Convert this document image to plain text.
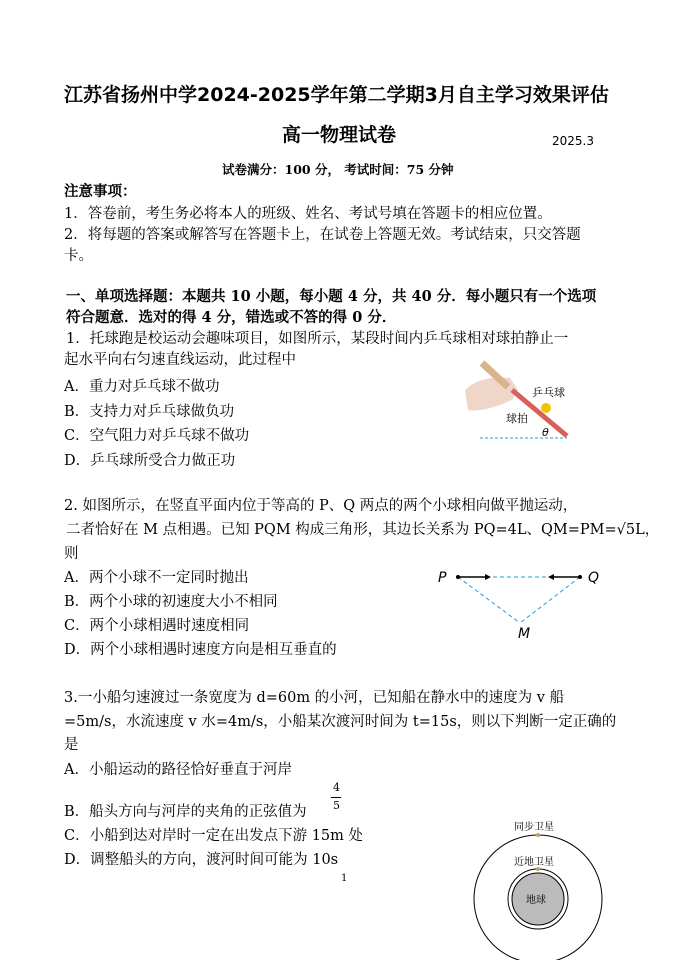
江苏省扬州中学2024-2025学年第二学期3月自主学习效果评估
高一物理试卷	2025.3
试卷满分：100 分， 考试时间：75 分钟
注意事项：
1．答卷前，考生务必将本人的班级、姓名、考试号填在答题卡的相应位置。
2．将每题的答案或解答写在答题卡上，在试卷上答题无效。考试结束，只交答题
卡。
一、单项选择题：本题共 10 小题，每小题 4 分，共 40 分．每小题只有一个选项
符合题意．选对的得 4 分，错选或不答的得 0 分．
1．托球跑是校运动会趣味项目，如图所示，某段时间内乒乓球相对球拍静止一
起水平向右匀速直线运动，此过程中
A．重力对乒乓球不做功
B．支持力对乒乓球做负功
C．空气阻力对乒乓球不做功
D．乒乓球所受合力做正功
乒乓球
球拍
θ
2. 如图所示，在竖直平面内位于等高的 P、Q 两点的两个小球相向做平抛运动，
二者恰好在 M 点相遇。已知 PQM 构成三角形，其边长关系为 PQ=4L、QM=PM=√5L，
则
A．两个小球不一定同时抛出
B．两个小球的初速度大小不相同
C．两个小球相遇时速度相同
D．两个小球相遇时速度方向是相互垂直的
P	Q
M
3.一小船匀速渡过一条宽度为 d=60m 的小河，已知船在静水中的速度为 v 船
=5m/s，水流速度 v 水=4m/s，小船某次渡河时间为 t=15s，则以下判断一定正确的
是
A．小船运动的路径恰好垂直于河岸
B．船头方向与河岸的夹角的正弦值为
4
5
C．小船到达对岸时一定在出发点下游 15m 处
D．调整船头的方向，渡河时间可能为 10s
同步卫星
近地卫星
地球
1
